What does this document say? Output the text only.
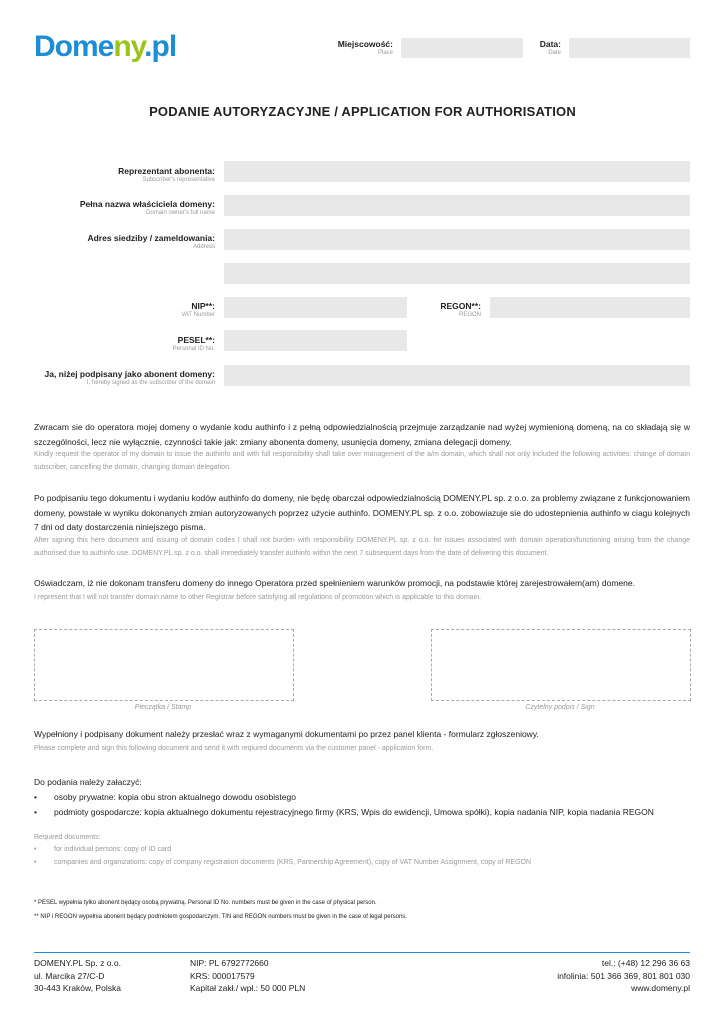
Domeny.pl	Miejscowość:
Place
Data:
Date
PODANIE AUTORYZACYJNE / APPLICATION FOR AUTHORISATION
Reprezentant abonenta:
Subscriber's representative
Pełna nazwa właściciela domeny:
Domain owner's full name
Adres siedziby / zameldowania:
Address
NIP**:
VAT Number
REGON**:
REGON
PESEL**:
Personal ID No.
Ja, niżej podpisany jako abonent domeny:
I, hereby signed as the subscriber of the domain
Zwracam sie do operatora mojej domeny o wydanie kodu authinfo i z pełną odpowiedzialnością przejmuje zarządzanie nad wyżej wymienioną domeną, na co składają się w szczególności, lecz nie wyłącznie, czynności takie jak: zmiany abonenta domeny, usunięcia domeny, zmiana delegacji domeny.
Kindly request the operator of my domain to issue the authinfo and with full responsibility shall take over management of the a/m domain, which shall not only included the following activities: change of domain subscriber, cancelling the domain, changing domain delegation.
Po podpisaniu tego dokumentu i wydaniu kodów authinfo do domeny, nie będę obarczał odpowiedzialnością DOMENY.PL sp. z o.o. za problemy związane z funkcjonowaniem domeny, powstałe w wyniku dokonanych zmian autoryzowanych poprzez użycie authinfo. DOMENY.PL sp. z o.o. zobowiazuje sie do udostepnienia authinfo w ciagu kolejnych 7 dni od daty dostarczenia niniejszego pisma.
After signing this here document and issuing of domain codes I shall not burden with responsibility DOMENY.PL sp. z o.o. for issues associated with domain operation/functioning arising from the change authorised due to authinfo use. DOMENY.PL sp. z o.o. shall immediately transfer authinfo within the next 7 subsequent days from the date of delivering this document.
Oświadczam, iż nie dokonam transferu domeny do innego Operatora przed spełnieniem warunków promocji, na podstawie której zarejestrowałem(am) domene.
I represent that I will not transfer domain name to other Registrar before satisfying all regulations of promotion which is applicable to this domain.
Pieczątka / Stamp	Czytelny podpis / Sign
Wypełniony i podpisany dokument należy przesłać wraz z wymaganymi dokumentami po przez panel klienta - formularz zgłoszeniowy.
Please complete and sign this following document and send it with reqiured documents via the customer panel - application form.
Do podania należy załaczyć:
• osoby prywatne: kopia obu stron aktualnego dowodu osobistego
• podmioty gospodarcze: kopia aktualnego dokumentu rejestracyjnego firmy (KRS, Wpis do ewidencji, Umowa spółki), kopia nadania NIP, kopia nadania REGON
Required documents:
• for individual persons: copy of ID card
• companies and organizations: copy of company registration documents (KRS, Partnership Agreement), copy of VAT Number Assignment, copy of REGON
* PESEL wypełnia tylko abonent będący osobą prywatną. Personal ID No. numbers must be given in the case of physical person.
** NIP i REGON wypełnia abonent będący podmiotem gospodarczym. TIN and REGON numbers must be given in the case of legal persons.
DOMENY.PL Sp. z o.o.
ul. Marcika 27/C-D
30-443 Kraków, Polska
NIP: PL 6792772660
KRS: 000017579
Kapitał zakł./ wpł.: 50 000 PLN
tel.: (+48) 12 296 36 63
infolinia: 501 366 369, 801 801 030
www.domeny.pl
